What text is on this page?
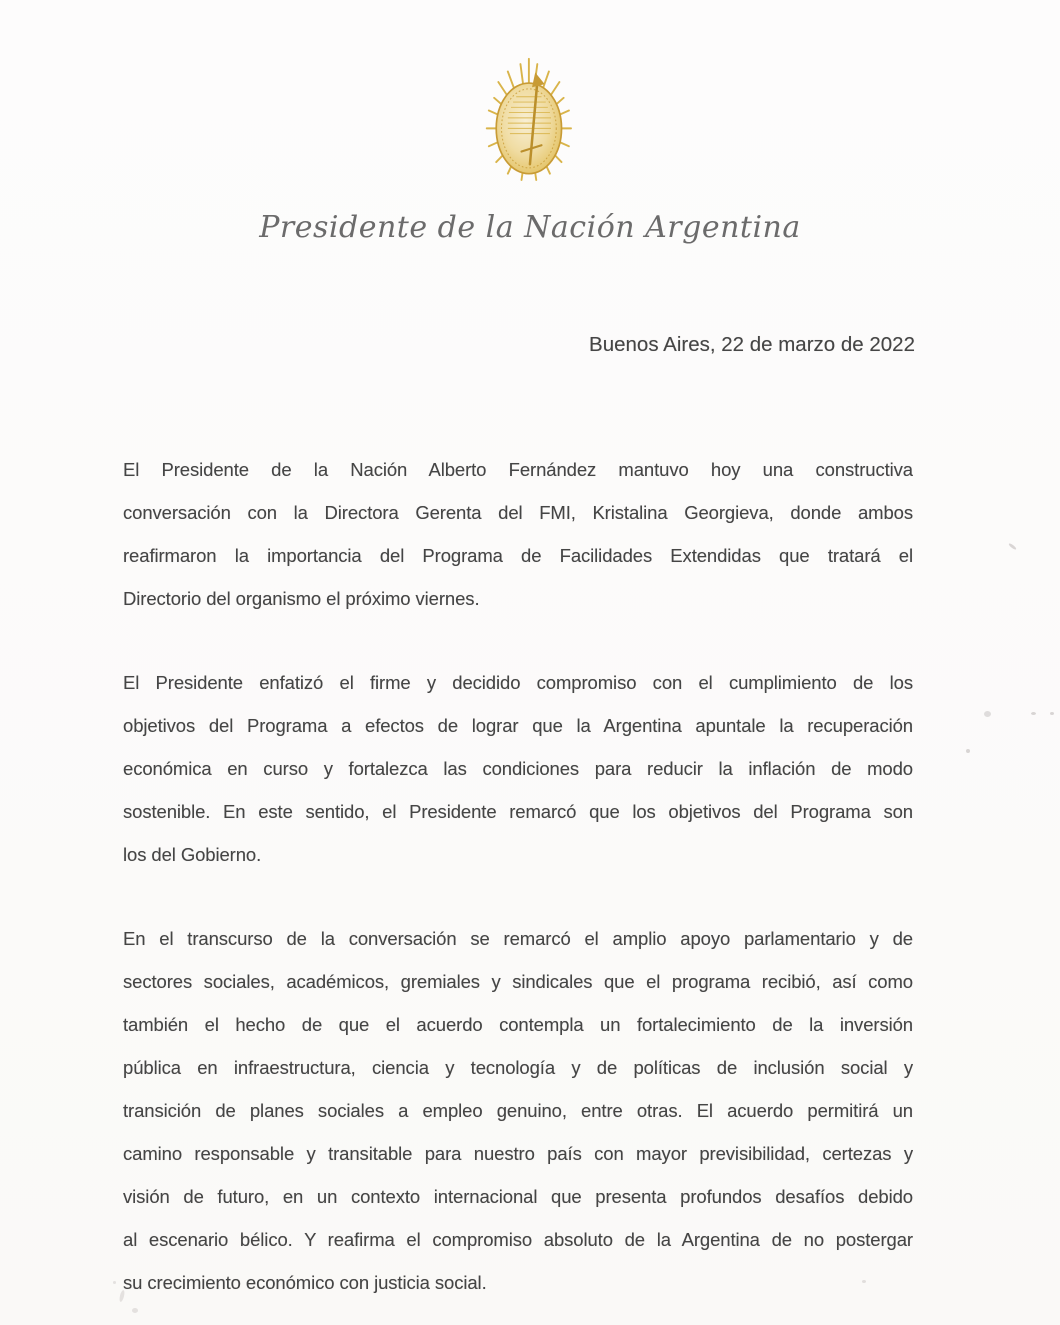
Presidente de la Nación Argentina
Buenos Aires, 22 de marzo de 2022
El Presidente de la Nación Alberto Fernández mantuvo hoy una constructiva
conversación con la Directora Gerenta del FMI, Kristalina Georgieva, donde ambos
reafirmaron la importancia del Programa de Facilidades Extendidas que tratará el
Directorio del organismo el próximo viernes.
El Presidente enfatizó el firme y decidido compromiso con el cumplimiento de los
objetivos del Programa a efectos de lograr que la Argentina apuntale la recuperación
económica en curso y fortalezca las condiciones para reducir la inflación de modo
sostenible. En este sentido, el Presidente remarcó que los objetivos del Programa son
los del Gobierno.
En el transcurso de la conversación se remarcó el amplio apoyo parlamentario y de
sectores sociales, académicos, gremiales y sindicales que el programa recibió, así como
también el hecho de que el acuerdo contempla un fortalecimiento de la inversión
pública en infraestructura, ciencia y tecnología y de políticas de inclusión social y
transición de planes sociales a empleo genuino, entre otras. El acuerdo permitirá un
camino responsable y transitable para nuestro país con mayor previsibilidad, certezas y
visión de futuro, en un contexto internacional que presenta profundos desafíos debido
al escenario bélico. Y reafirma el compromiso absoluto de la Argentina de no postergar
su crecimiento económico con justicia social.
